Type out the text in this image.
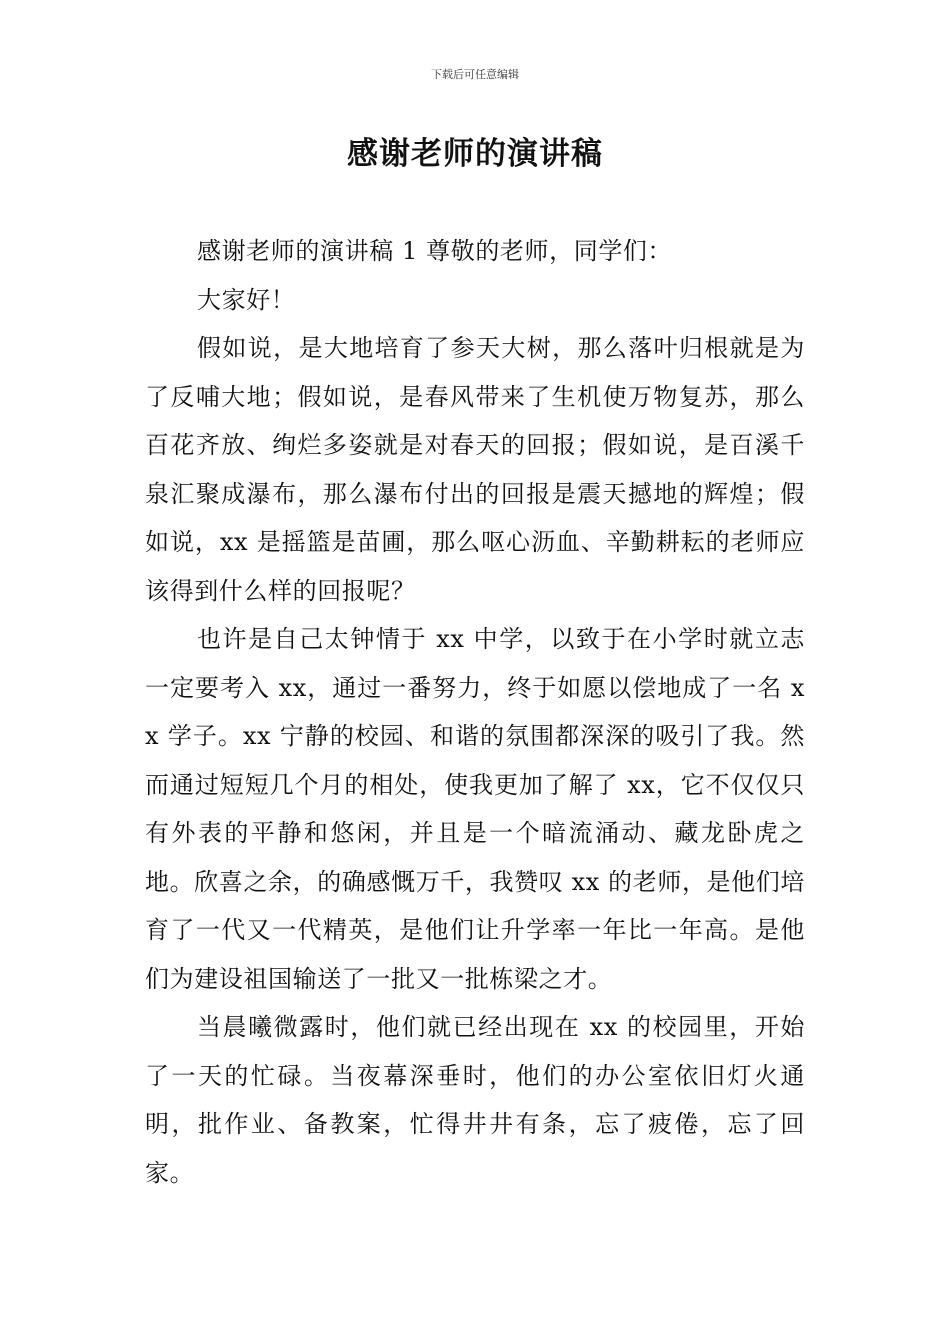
下载后可任意编辑
感谢老师的演讲稿

感谢老师的演讲稿 1 尊敬的老师，同学们：

大家好！

假如说，是大地培育了参天大树，那么落叶归根就是为了反哺大地；假如说，是春风带来了生机使万物复苏，那么百花齐放、绚烂多姿就是对春天的回报；假如说，是百溪千泉汇聚成瀑布，那么瀑布付出的回报是震天撼地的辉煌；假如说，xx 是摇篮是苗圃，那么呕心沥血、辛勤耕耘的老师应该得到什么样的回报呢？

也许是自己太钟情于 xx 中学，以致于在小学时就立志一定要考入 xx，通过一番努力，终于如愿以偿地成了一名 xx 学子。xx 宁静的校园、和谐的氛围都深深的吸引了我。然而通过短短几个月的相处，使我更加了解了 xx，它不仅仅只有外表的平静和悠闲，并且是一个暗流涌动、藏龙卧虎之地。欣喜之余，的确感慨万千，我赞叹 xx 的老师，是他们培育了一代又一代精英，是他们让升学率一年比一年高。是他们为建设祖国输送了一批又一批栋梁之才。

当晨曦微露时，他们就已经出现在 xx 的校园里，开始了一天的忙碌。当夜幕深垂时，他们的办公室依旧灯火通明，批作业、备教案，忙得井井有条，忘了疲倦，忘了回家。
